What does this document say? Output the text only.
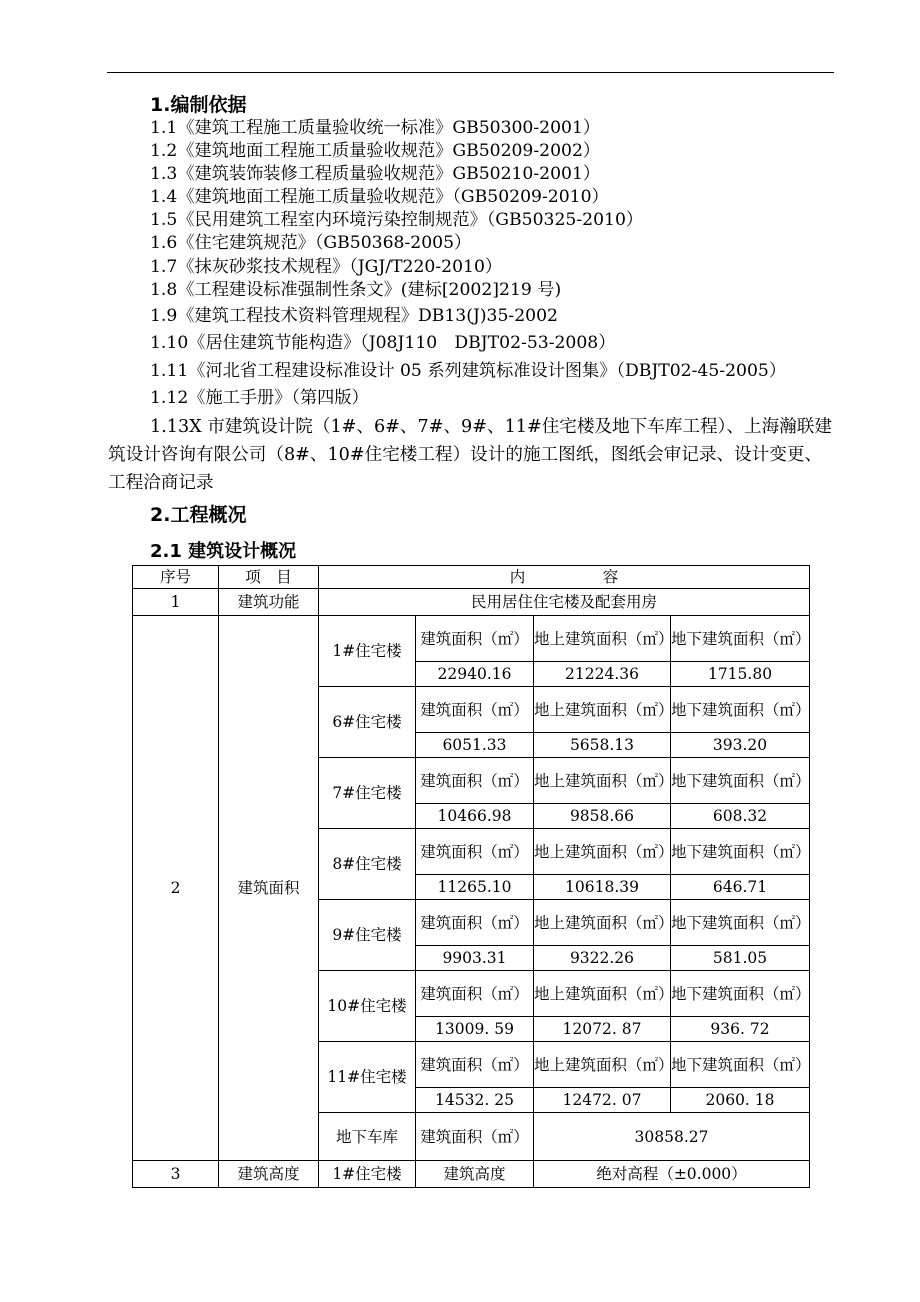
1.编制依据
1.1《建筑工程施工质量验收统一标准》GB50300-2001）
1.2《建筑地面工程施工质量验收规范》GB50209-2002）
1.3《建筑装饰装修工程质量验收规范》GB50210-2001）
1.4《建筑地面工程施工质量验收规范》（GB50209-2010）
1.5《民用建筑工程室内环境污染控制规范》（GB50325-2010）
1.6《住宅建筑规范》（GB50368-2005）
1.7《抹灰砂浆技术规程》（JGJ/T220-2010）
1.8《工程建设标准强制性条文》(建标[2002]219 号)
1.9《建筑工程技术资料管理规程》DB13(J)35-2002
1.10《居住建筑节能构造》（J08J110　DBJT02-53-2008）
1.11《河北省工程建设标准设计 05 系列建筑标准设计图集》（DBJT02-45-2005）
1.12《施工手册》（第四版）
1.13X 市建筑设计院（1#、6#、7#、9#、11#住宅楼及地下车库工程）、上海瀚联建筑设计咨询有限公司（8#、10#住宅楼工程）设计的施工图纸，图纸会审记录、设计变更、工程洽商记录
2.工程概况
2.1 建筑设计概况
序号	项　目	内　　　　　容			
1	建筑功能	民用居住住宅楼及配套用房			
2	建筑面积	1#住宅楼	建筑面积（㎡）	地上建筑面积（㎡）	地下建筑面积（㎡）
			22940.16	21224.36	1715.80
		6#住宅楼	建筑面积（㎡）	地上建筑面积（㎡）	地下建筑面积（㎡）
			6051.33	5658.13	393.20
		7#住宅楼	建筑面积（㎡）	地上建筑面积（㎡）	地下建筑面积（㎡）
			10466.98	9858.66	608.32
		8#住宅楼	建筑面积（㎡）	地上建筑面积（㎡）	地下建筑面积（㎡）
			11265.10	10618.39	646.71
		9#住宅楼	建筑面积（㎡）	地上建筑面积（㎡）	地下建筑面积（㎡）
			9903.31	9322.26	581.05
		10#住宅楼	建筑面积（㎡）	地上建筑面积（㎡）	地下建筑面积（㎡）
			13009. 59	12072. 87	936. 72
		11#住宅楼	建筑面积（㎡）	地上建筑面积（㎡）	地下建筑面积（㎡）
			14532. 25	12472. 07	2060. 18
		地下车库	建筑面积（㎡）	30858.27	
3	建筑高度	1#住宅楼	建筑高度	绝对高程（±0.000）	
